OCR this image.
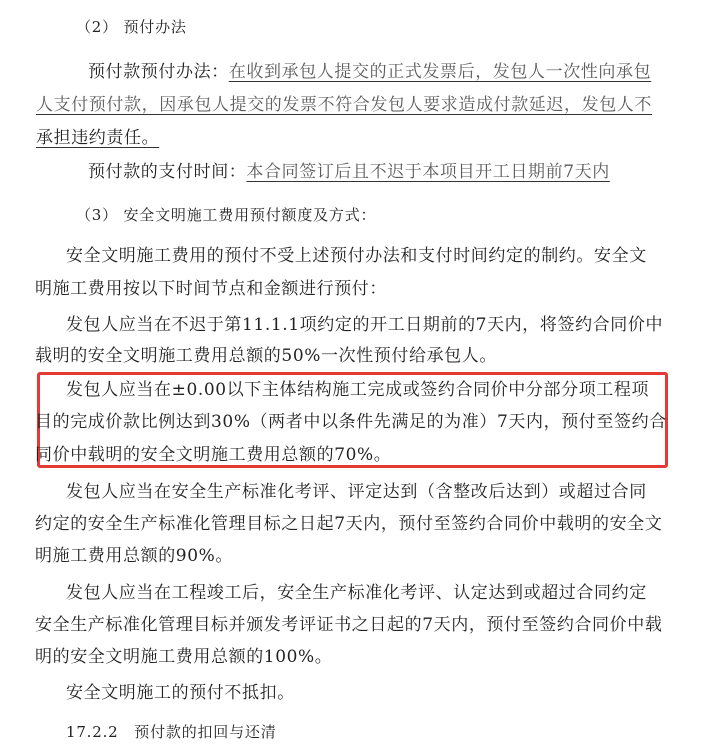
（2） 预付办法
预付款预付办法：在收到承包人提交的正式发票后，发包人一次性向承包
人支付预付款，因承包人提交的发票不符合发包人要求造成付款延迟，发包人不
承担违约责任。
预付款的支付时间：本合同签订后且不迟于本项目开工日期前7天内
（3） 安全文明施工费用预付额度及方式：
安全文明施工费用的预付不受上述预付办法和支付时间约定的制约。安全文
明施工费用按以下时间节点和金额进行预付：
发包人应当在不迟于第11.1.1项约定的开工日期前的7天内，将签约合同价中
载明的安全文明施工费用总额的50%一次性预付给承包人。
发包人应当在±0.00以下主体结构施工完成或签约合同价中分部分项工程项
目的完成价款比例达到30%（两者中以条件先满足的为准）7天内，预付至签约合
同价中载明的安全文明施工费用总额的70%。
发包人应当在安全生产标准化考评、评定达到（含整改后达到）或超过合同
约定的安全生产标准化管理目标之日起7天内，预付至签约合同价中载明的安全文
明施工费用总额的90%。
发包人应当在工程竣工后，安全生产标准化考评、认定达到或超过合同约定
安全生产标准化管理目标并颁发考评证书之日起的7天内，预付至签约合同价中载
明的安全文明施工费用总额的100%。
安全文明施工的预付不抵扣。
17.2.2　预付款的扣回与还清
